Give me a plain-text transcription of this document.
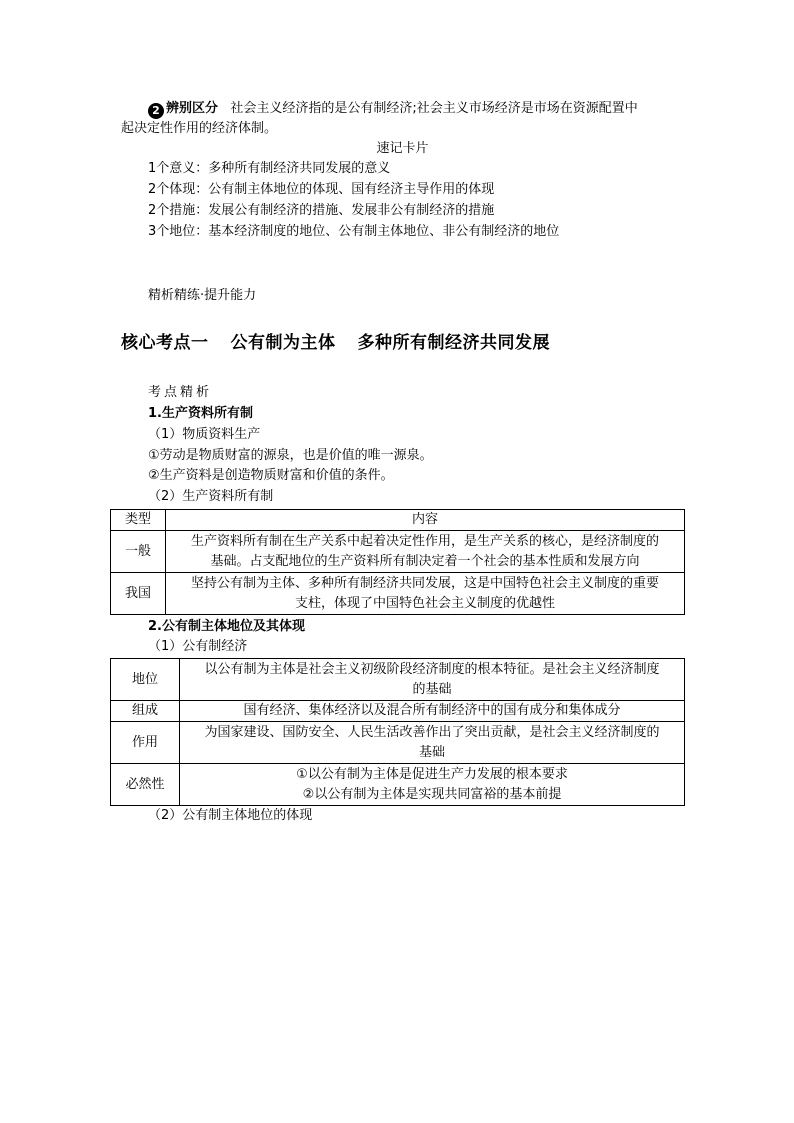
2 辨别区分 社会主义经济指的是公有制经济;社会主义市场经济是市场在资源配置中
起决定性作用的经济体制。
速记卡片
1个意义：多种所有制经济共同发展的意义
2个体现：公有制主体地位的体现、国有经济主导作用的体现
2个措施：发展公有制经济的措施、发展非公有制经济的措施
3个地位：基本经济制度的地位、公有制主体地位、非公有制经济的地位
精析精练·提升能力
核心考点一 公有制为主体 多种所有制经济共同发展
考点精析
1.生产资料所有制
（1）物质资料生产
①劳动是物质财富的源泉，也是价值的唯一源泉。
②生产资料是创造物质财富和价值的条件。
（2）生产资料所有制
类型	内容
一般	生产资料所有制在生产关系中起着决定性作用，是生产关系的核心，是经济制度的
基础。占支配地位的生产资料所有制决定着一个社会的基本性质和发展方向

我国	坚持公有制为主体、多种所有制经济共同发展，这是中国特色社会主义制度的重要
支柱，体现了中国特色社会主义制度的优越性
2.公有制主体地位及其体现
（1）公有制经济
地位	以公有制为主体是社会主义初级阶段经济制度的根本特征。是社会主义经济制度
的基础

组成	国有经济、集体经济以及混合所有制经济中的国有成分和集体成分

作用	为国家建设、国防安全、人民生活改善作出了突出贡献，是社会主义经济制度的
基础

必然性	①以公有制为主体是促进生产力发展的根本要求
②以公有制为主体是实现共同富裕的基本前提
（2）公有制主体地位的体现
